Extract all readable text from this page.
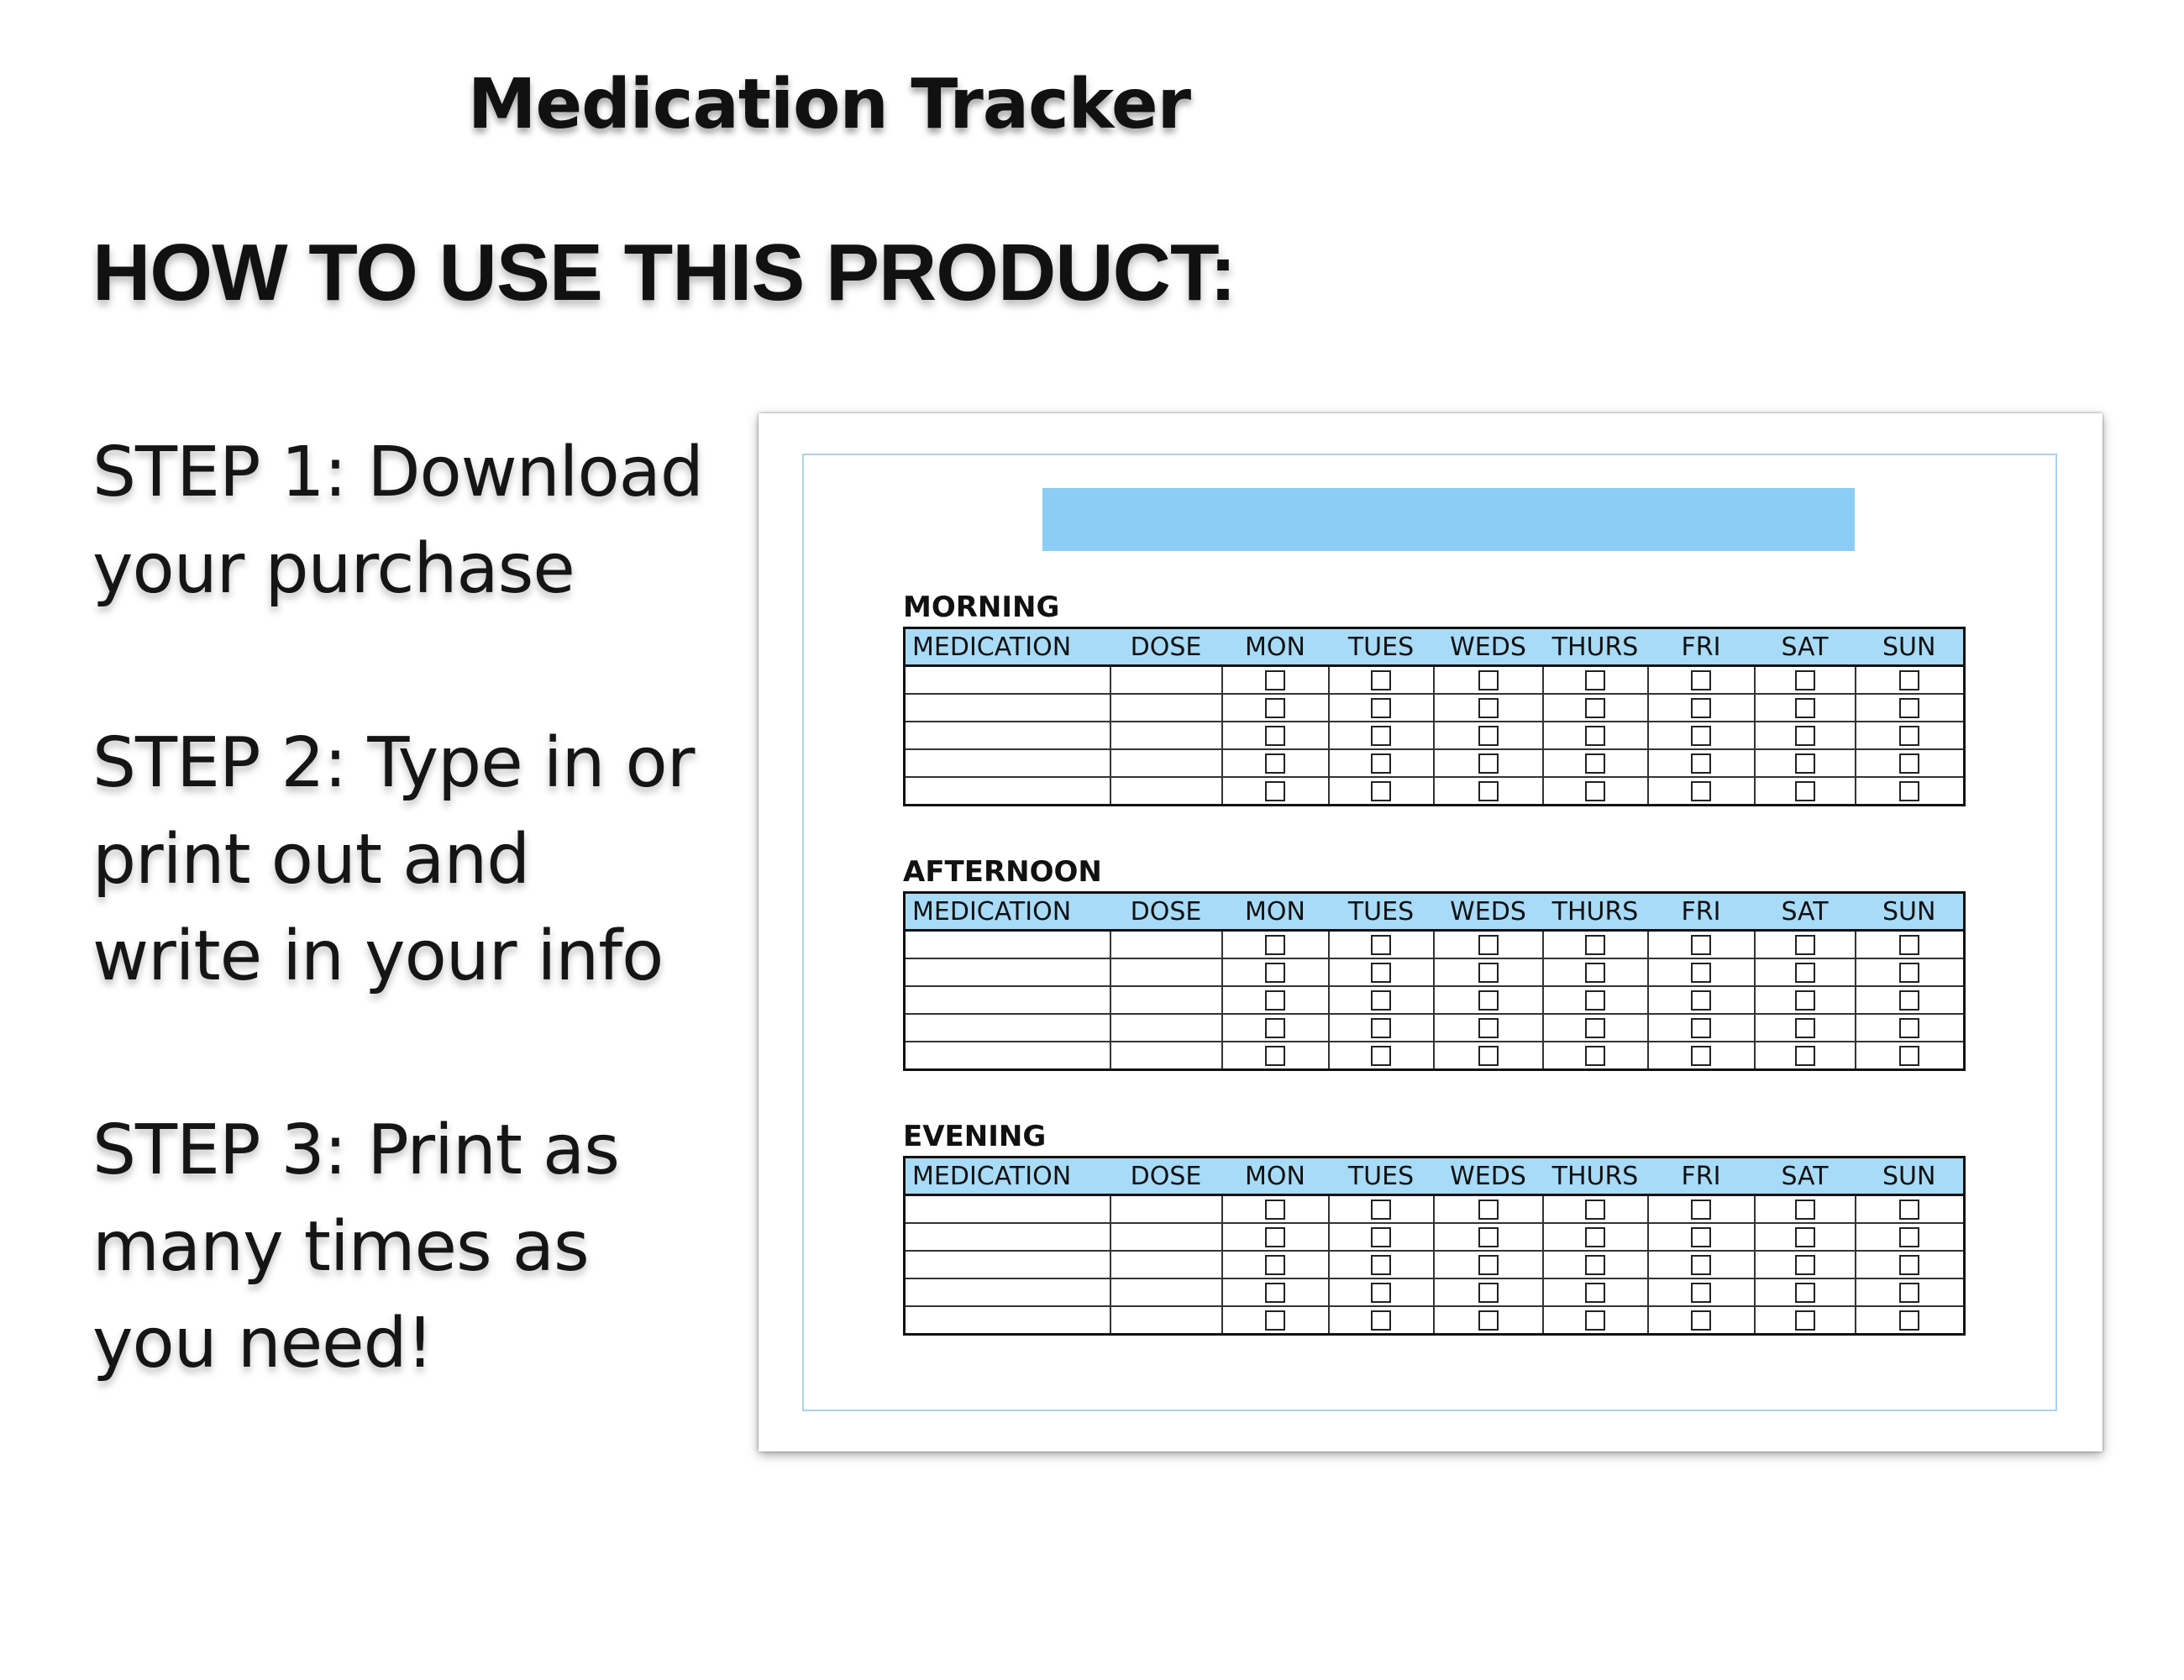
HOW TO USE THIS PRODUCT:

STEP 1: Download
your purchase

STEP 2: Type in or
print out and
write in your info

STEP 3: Print as
many times as
you need!

Medication Tracker

MORNING

MEDICATION	DOSE	MON	TUES	WEDS	THURS	FRI	SAT	SUN

AFTERNOON

MEDICATION	DOSE	MON	TUES	WEDS	THURS	FRI	SAT	SUN

EVENING

MEDICATION	DOSE	MON	TUES	WEDS	THURS	FRI	SAT	SUN
